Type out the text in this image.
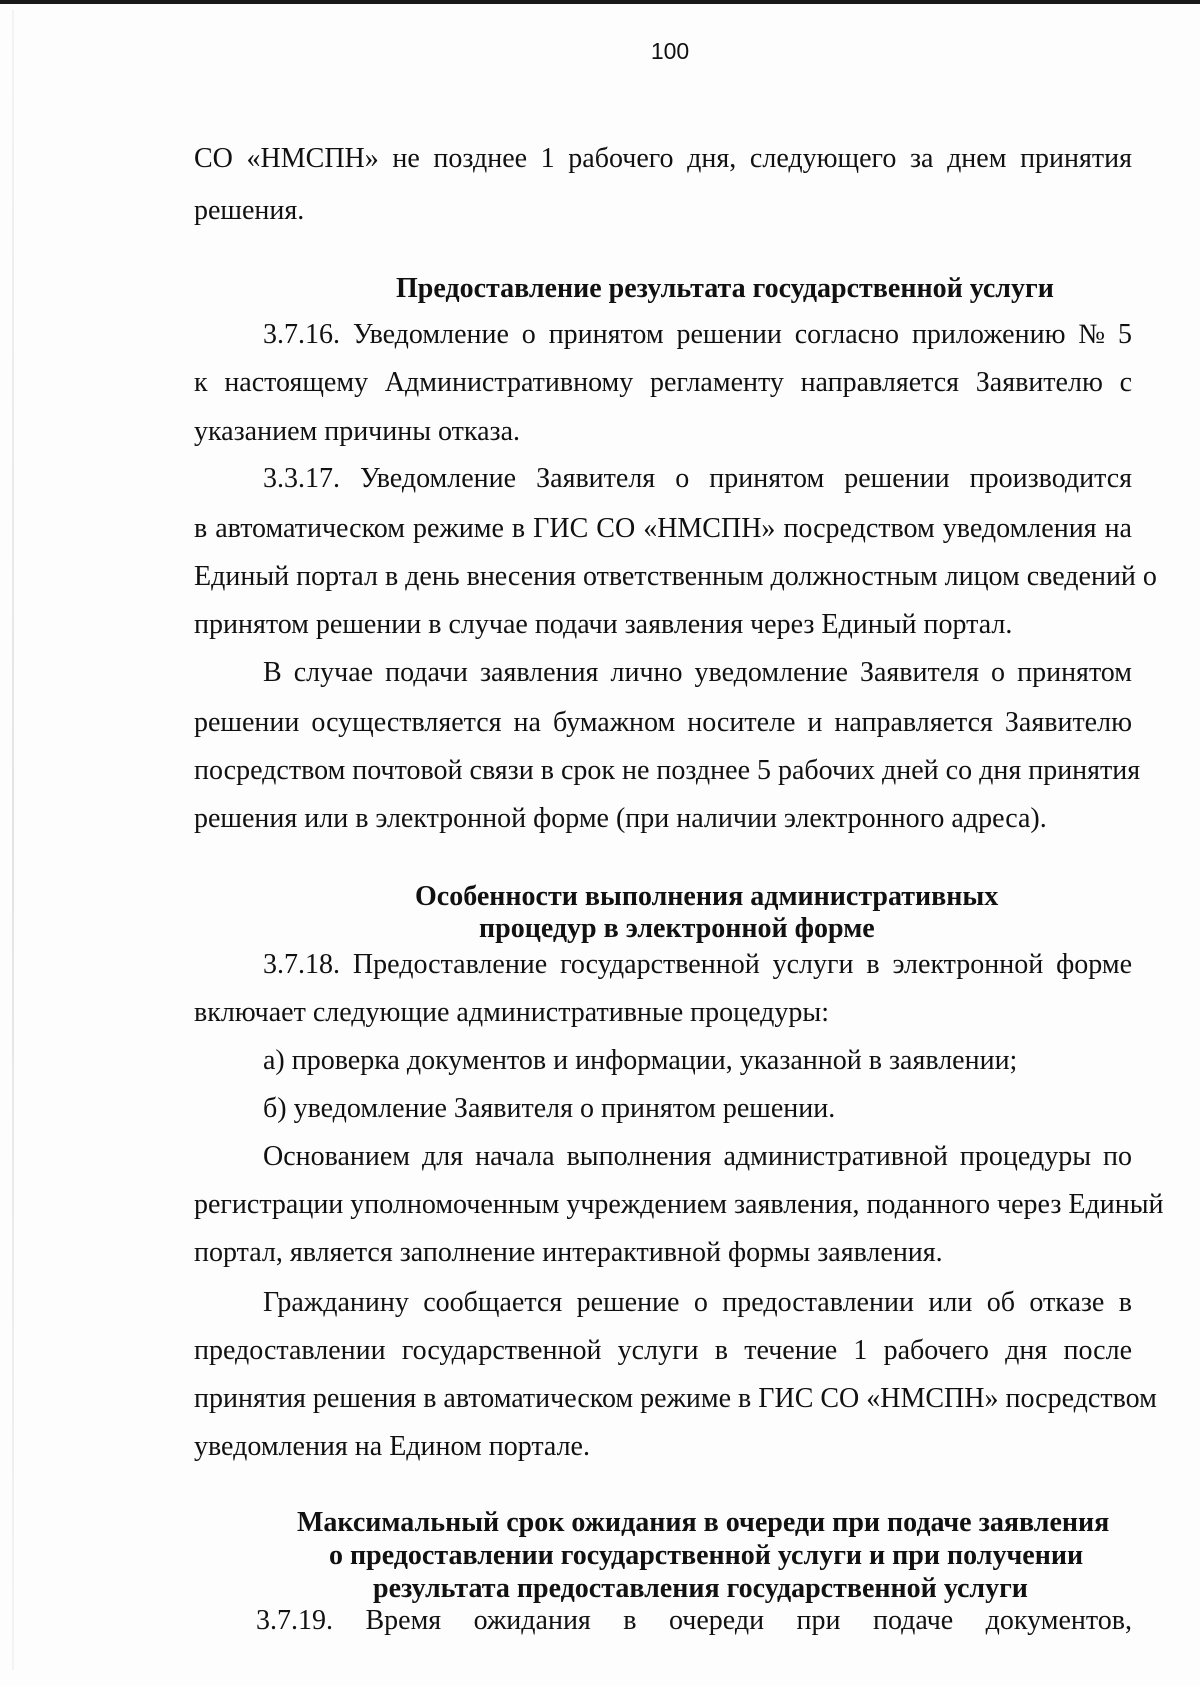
100
СО «НМСПН» не позднее 1 рабочего дня, следующего за днем принятия
решения.
Предоставление результата государственной услуги
3.7.16. Уведомление о принятом решении согласно приложению № 5
к настоящему Административному регламенту направляется Заявителю с
указанием причины отказа.
3.3.17. Уведомление Заявителя о принятом решении производится
в автоматическом режиме в ГИС СО «НМСПН» посредством уведомления на
Единый портал в день внесения ответственным должностным лицом сведений о
принятом решении в случае подачи заявления через Единый портал.
В случае подачи заявления лично уведомление Заявителя о принятом
решении осуществляется на бумажном носителе и направляется Заявителю
посредством почтовой связи в срок не позднее 5 рабочих дней со дня принятия
решения или в электронной форме (при наличии электронного адреса).
Особенности выполнения административных
процедур в электронной форме
3.7.18. Предоставление государственной услуги в электронной форме
включает следующие административные процедуры:
а) проверка документов и информации, указанной в заявлении;
б) уведомление Заявителя о принятом решении.
Основанием для начала выполнения административной процедуры по
регистрации уполномоченным учреждением заявления, поданного через Единый
портал, является заполнение интерактивной формы заявления.
Гражданину сообщается решение о предоставлении или об отказе в
предоставлении государственной услуги в течение 1 рабочего дня после
принятия решения в автоматическом режиме в ГИС СО «НМСПН» посредством
уведомления на Едином портале.
Максимальный срок ожидания в очереди при подаче заявления
о предоставлении государственной услуги и при получении
результата предоставления государственной услуги
3.7.19. Время ожидания в очереди при подаче документов,
